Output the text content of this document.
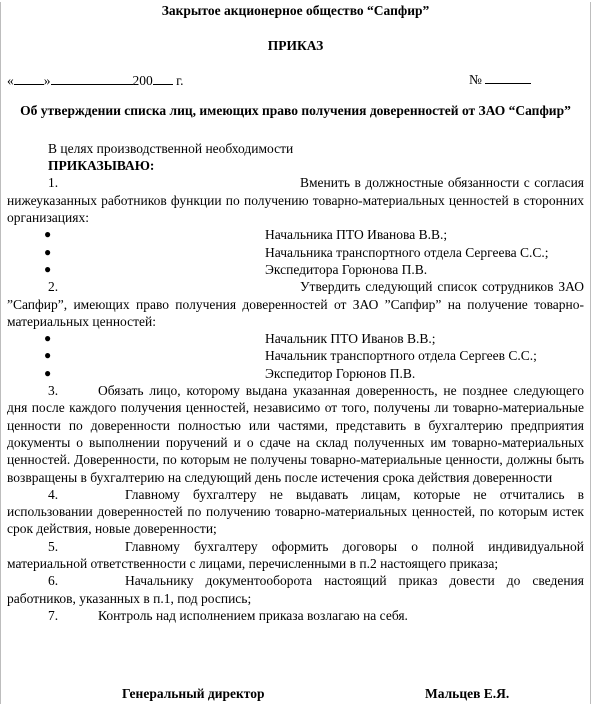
Закрытое акционерное общество “Сапфир”
ПРИКАЗ
« »	200 г.	№
Об утверждении списка лиц, имеющих право получения доверенностей от ЗАО “Сапфир”
В целях производственной необходимости
ПРИКАЗЫВАЮ:
1.	Вменить в должностные обязанности с согласия нижеуказанных работников функции по получению товарно-материальных ценностей в сторонних организациях:
●	Начальника ПТО Иванова В.В.;
●	Начальника транспортного отдела Сергеева С.С.;
●	Экспедитора Горюнова П.В.
2.	Утвердить следующий список сотрудников ЗАО ”Сапфир”, имеющих право получения доверенностей от ЗАО ”Сапфир” на получение товарно-материальных ценностей:
●	Начальник ПТО Иванов В.В.;
●	Начальник транспортного отдела Сергеев С.С.;
●	Экспедитор Горюнов П.В.
3.	Обязать лицо, которому выдана указанная доверенность, не позднее следующего дня после каждого получения ценностей, независимо от того, получены ли товарно-материальные ценности по доверенности полностью или частями, представить в бухгалтерию предприятия документы о выполнении поручений и о сдаче на склад полученных им товарно-материальных ценностей. Доверенности, по которым не получены товарно-материальные ценности, должны быть возвращены в бухгалтерию на следующий день после истечения срока действия доверенности
4.	Главному бухгалтеру не выдавать лицам, которые не отчитались в использовании доверенностей по получению товарно-материальных ценностей, по которым истек срок действия, новые доверенности;
5.	Главному бухгалтеру оформить договоры о полной индивидуальной материальной ответственности с лицами, перечисленными в п.2 настоящего приказа;
6.	Начальнику документооборота настоящий приказ довести до сведения работников, указанных в п.1, под роспись;
7.	Контроль над исполнением приказа возлагаю на себя.
Генеральный директор	Мальцев Е.Я.
